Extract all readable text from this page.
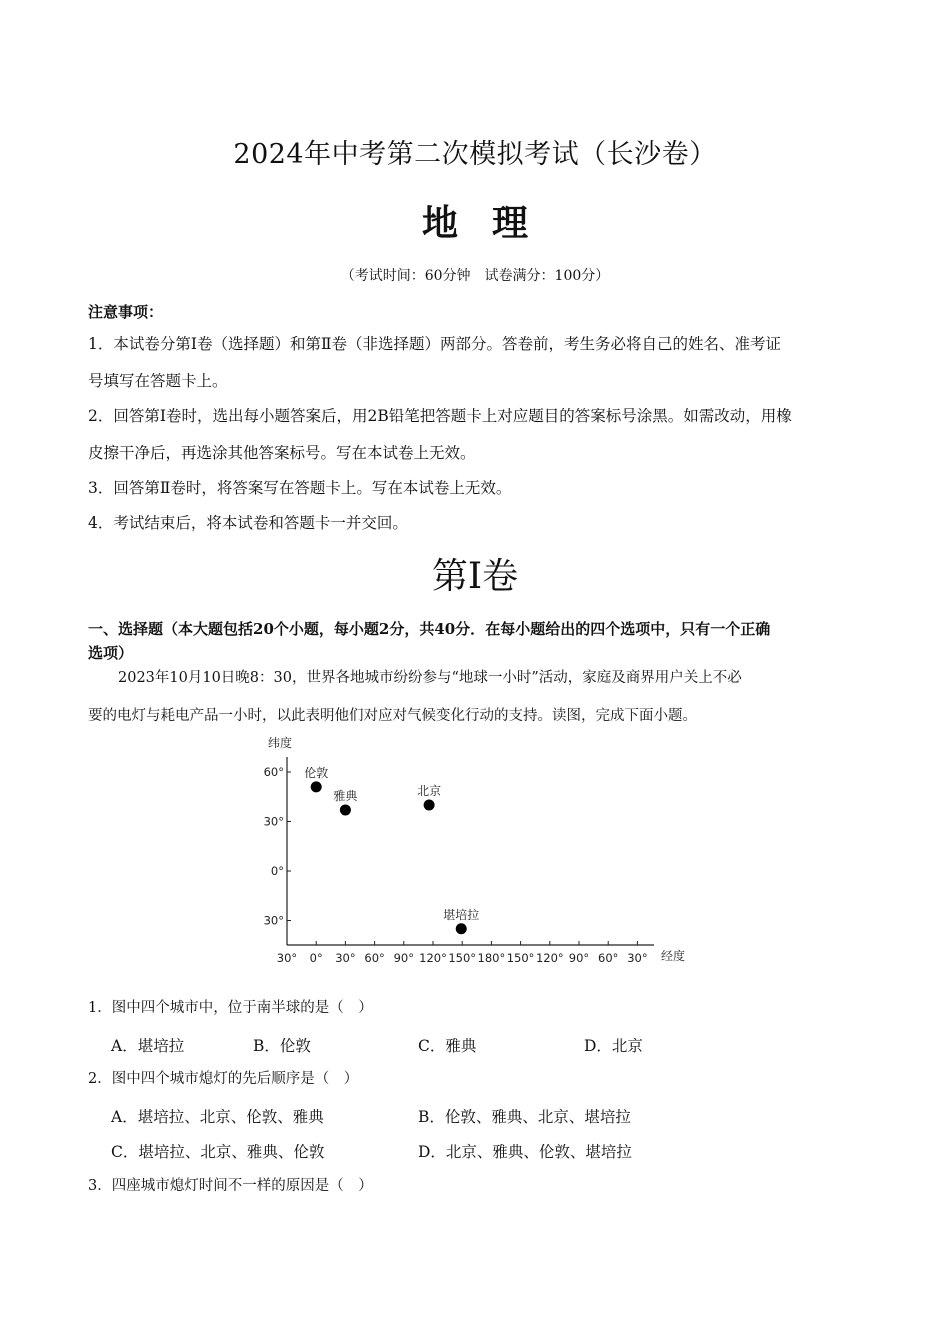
2024年中考第二次模拟考试（长沙卷）
地理
（考试时间：60分钟　试卷满分：100分）
注意事项：
1．本试卷分第Ⅰ卷（选择题）和第Ⅱ卷（非选择题）两部分。答卷前，考生务必将自己的姓名、准考证
号填写在答题卡上。
2．回答第Ⅰ卷时，选出每小题答案后，用2B铅笔把答题卡上对应题目的答案标号涂黑。如需改动，用橡
皮擦干净后，再选涂其他答案标号。写在本试卷上无效。
3．回答第Ⅱ卷时，将答案写在答题卡上。写在本试卷上无效。
4．考试结束后，将本试卷和答题卡一并交回。
第Ⅰ卷
一、选择题（本大题包括20个小题，每小题2分，共40分．在每小题给出的四个选项中，只有一个正确
选项）
2023年10月10日晚8：30，世界各地城市纷纷参与“地球一小时”活动，家庭及商界用户关上不必
要的电灯与耗电产品一小时，以此表明他们对应对气候变化行动的支持。读图，完成下面小题。
纬度
经度
30° 0° 30° 60° 90° 120° 150° 180° 150° 120° 90° 60° 30°
60°
30°
0°
30°
伦敦
雅典	北京
堪培拉
1．图中四个城市中，位于南半球的是（　）
A．堪培拉	B．伦敦	C．雅典	D．北京
2．图中四个城市熄灯的先后顺序是（　）
A．堪培拉、北京、伦敦、雅典	B．伦敦、雅典、北京、堪培拉
C．堪培拉、北京、雅典、伦敦	D．北京、雅典、伦敦、堪培拉
3．四座城市熄灯时间不一样的原因是（　）
